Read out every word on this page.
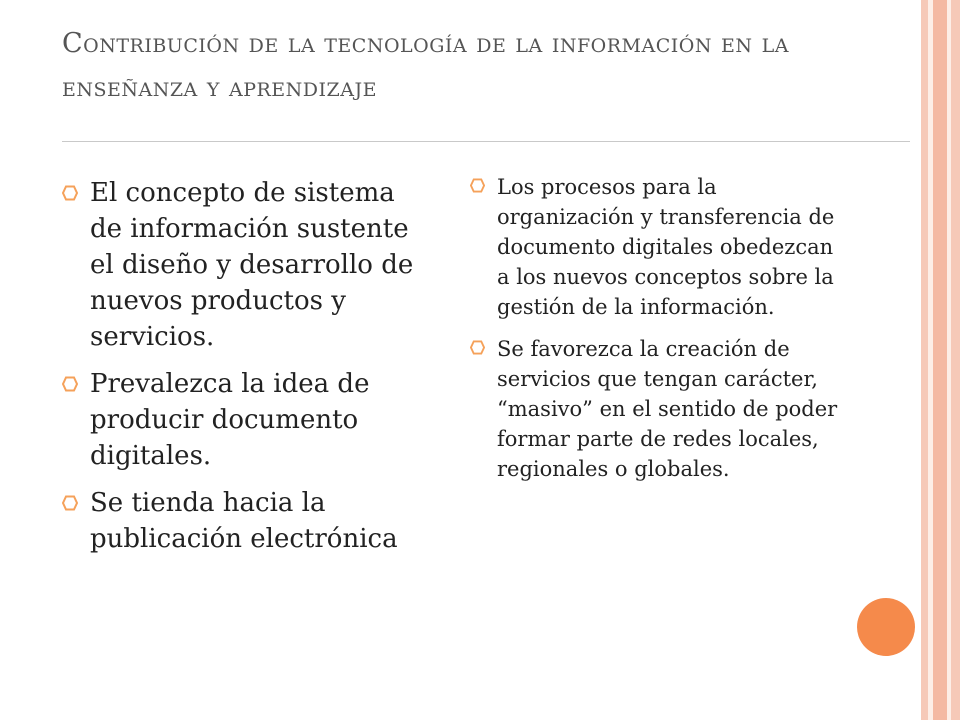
Contribución de la tecnología de la información en la enseñanza y aprendizaje
El concepto de sistema de información sustente el diseño y desarrollo de nuevos productos y servicios.
Prevalezca la idea de producir documento digitales.
Se tienda hacia la publicación electrónica
Los procesos para la organización y transferencia de documento digitales obedezcan a los nuevos conceptos sobre la gestión de la información.
Se favorezca la creación de servicios que tengan carácter, “masivo” en el sentido de poder formar parte de redes locales, regionales o globales.
